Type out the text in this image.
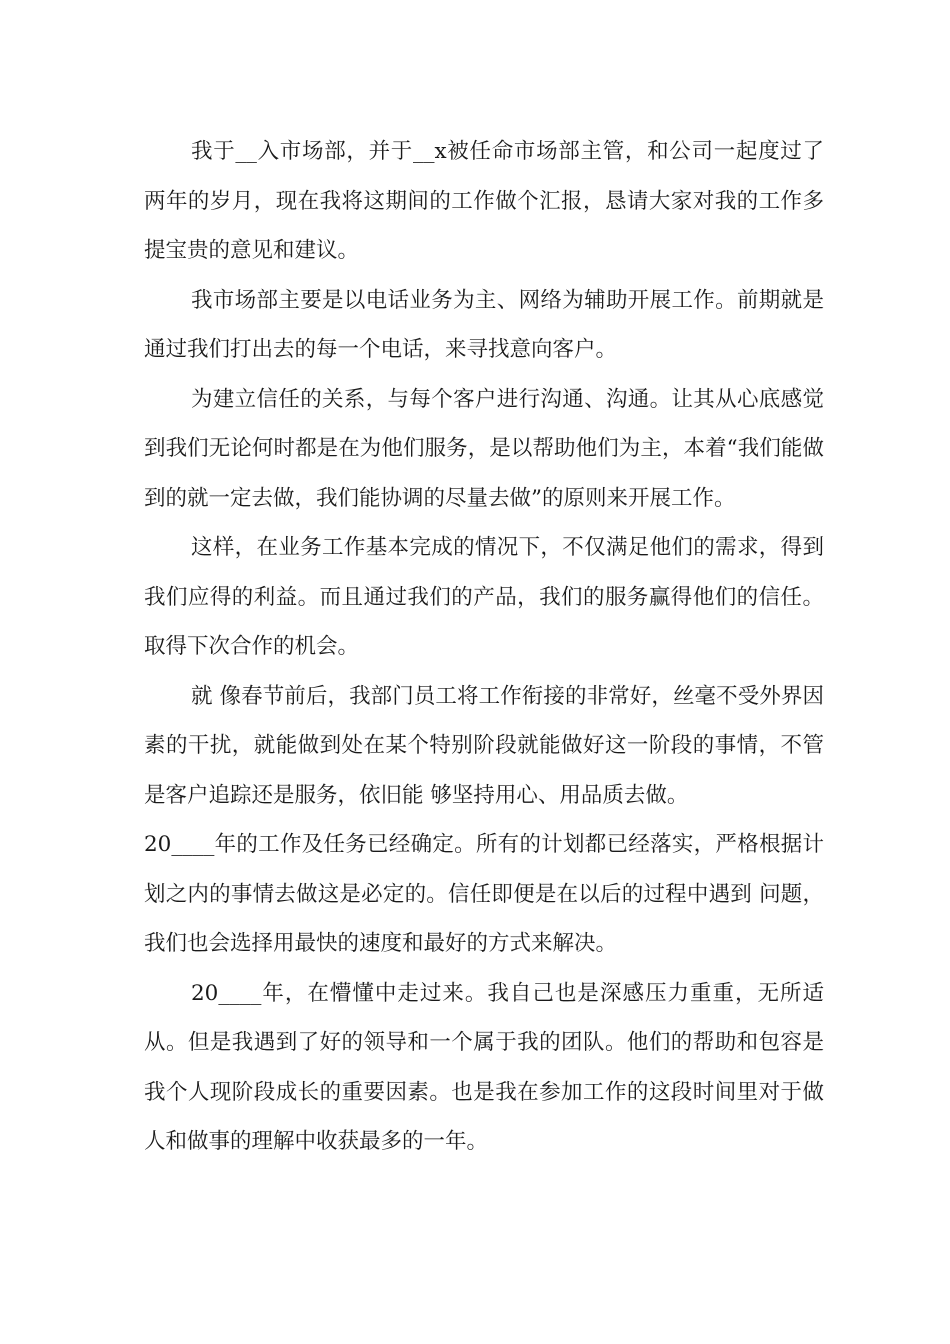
我于__入市场部，并于__x被任命市场部主管，和公司一起度过了两年的岁月，现在我将这期间的工作做个汇报，恳请大家对我的工作多提宝贵的意见和建议。

我市场部主要是以电话业务为主、网络为辅助开展工作。前期就是通过我们打出去的每一个电话，来寻找意向客户。

为建立信任的关系，与每个客户进行沟通、沟通。让其从心底感觉到我们无论何时都是在为他们服务，是以帮助他们为主，本着“我们能做到的就一定去做，我们能协调的尽量去做”的原则来开展工作。

这样，在业务工作基本完成的情况下，不仅满足他们的需求，得到我们应得的利益。而且通过我们的产品，我们的服务赢得他们的信任。取得下次合作的机会。

就 像春节前后，我部门员工将工作衔接的非常好，丝毫不受外界因素的干扰，就能做到处在某个特别阶段就能做好这一阶段的事情，不管是客户追踪还是服务，依旧能 够坚持用心、用品质去做。

20____年的工作及任务已经确定。所有的计划都已经落实，严格根据计划之内的事情去做这是必定的。信任即便是在以后的过程中遇到 问题，我们也会选择用最快的速度和最好的方式来解决。

20____年，在懵懂中走过来。我自己也是深感压力重重，无所适从。但是我遇到了好的领导和一个属于我的团队。他们的帮助和包容是我个人现阶段成长的重要因素。也是我在参加工作的这段时间里对于做人和做事的理解中收获最多的一年。
